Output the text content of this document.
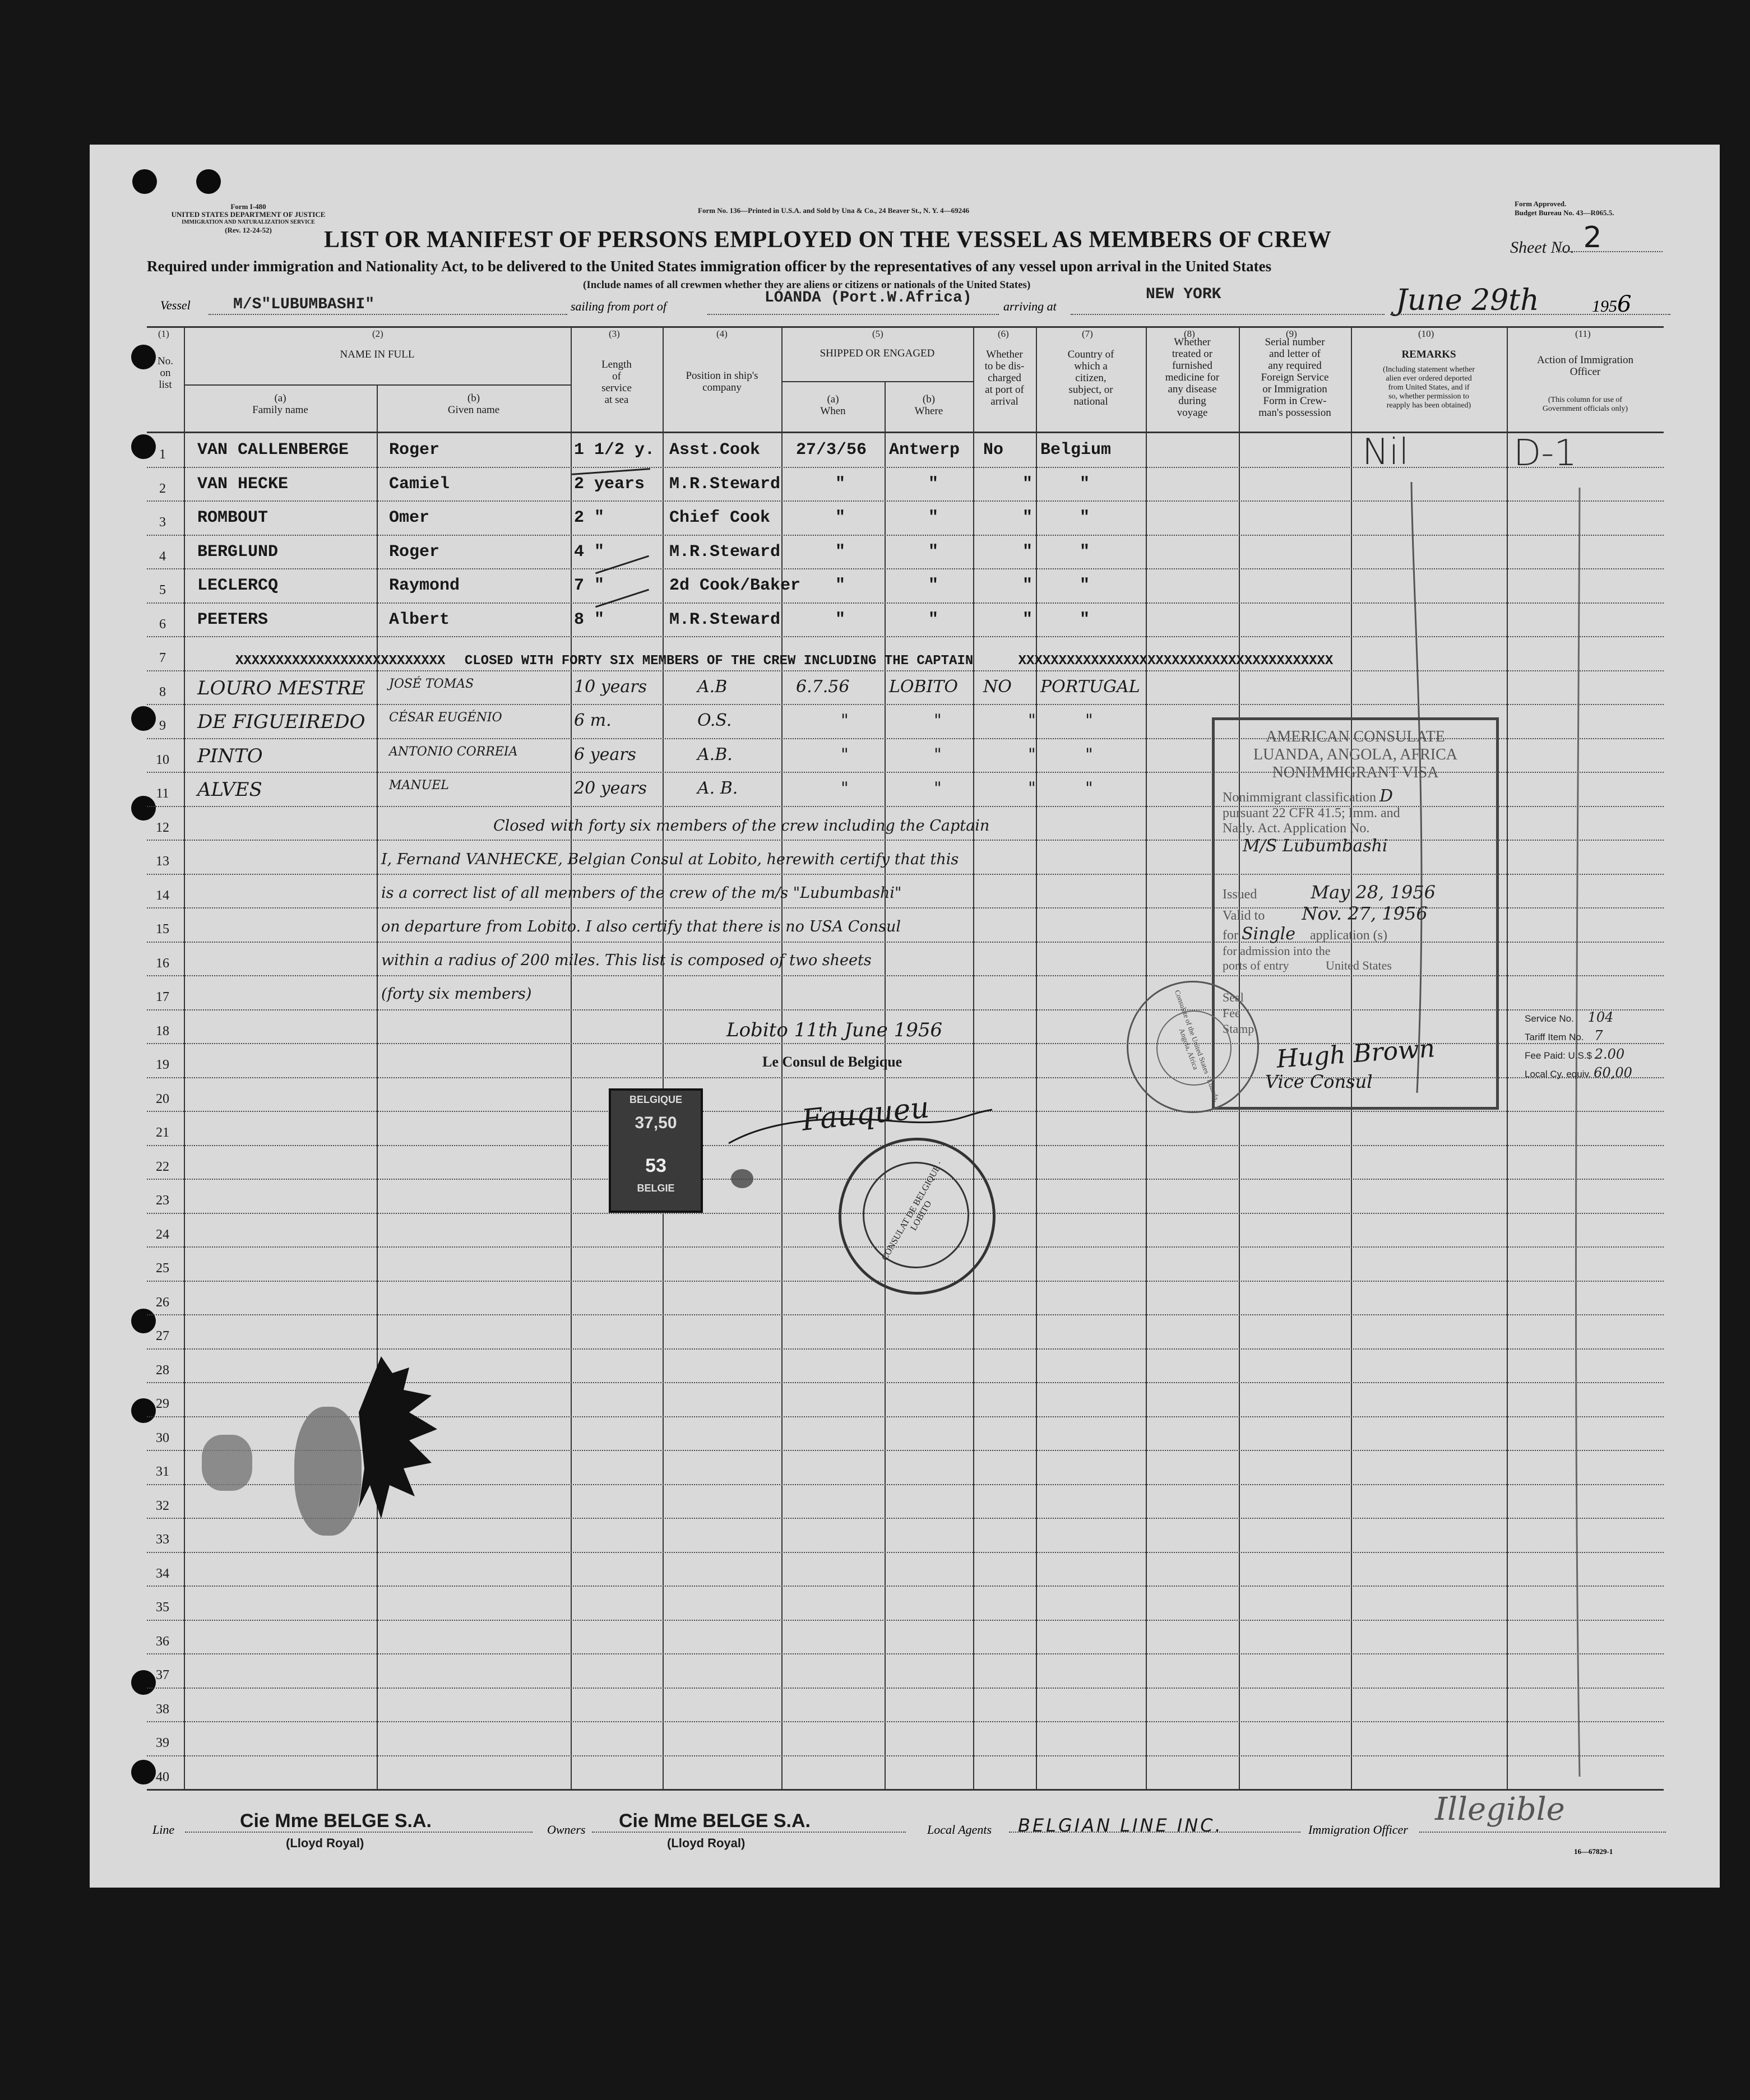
Form I-480
UNITED STATES DEPARTMENT OF JUSTICE
IMMIGRATION AND NATURALIZATION SERVICE
(Rev. 12-24-52)
Form No. 136—Printed in U.S.A. and Sold by Una & Co., 24 Beaver St., N. Y. 4—69246
Form Approved.
Budget Bureau No. 43—R065.5.
LIST OR MANIFEST OF PERSONS EMPLOYED ON THE VESSEL AS MEMBERS OF CREW	Sheet No. 2
Required under immigration and Nationality Act, to be delivered to the United States immigration officer by the representatives of any vessel upon arrival in the United States
(Include names of all crewmen whether they are aliens or citizens or nationals of the United States)
Vessel	M/S"LUBUMBASHI"	sailing from port of	LOANDA (Port.W.Africa)	arriving at
NEW YORK	June 29th	1956
(1)	(2)	(3)	(4)	(5)	(6)	(7)	(8)	(9)	(10)	(11)
No.
on
list
NAME IN FULL
(a)
Family name
(b)
Given name
Length
of
service
at sea
Position in ship's
company
SHIPPED OR ENGAGED
(a)
When
(b)
Where
Whether
to be dis-
charged
at port of
arrival
Country of
which a
citizen,
subject, or
national
Whether
treated or
furnished
medicine for
any disease
during
voyage
Serial number
and letter of
any required
Foreign Service
or Immigration
Form in Crew-
man's possession
REMARKS
(Including statement whether
alien ever ordered deported
from United States, and if
so, whether permission to
reapply has been obtained)
Action of Immigration
Officer
(This column for use of
Government officials only)
1
2
3
4
5
6
7
8
9
10
11
12
13
14
15
16
17
18
19
20
21
22
23
24
25
26
27
28
29
30
31
32
33
34
35
36
37
38
39
40
VAN CALLENBERGE Roger	1 1/2 y. Asst.Cook 27/3/56 Antwerp No Belgium
VAN HECKE	Camiel	2 years M.R.Steward	"	"	"	"
ROMBOUT	Omer	2 "	Chief Cook	"	"	"	"
BERGLUND	Roger	4 "	M.R.Steward	"	"	"	"
LECLERCQ	Raymond	7 "	2d Cook/Baker "	"	"	"
PEETERS	Albert	8 "	M.R.Steward	"	"	"	"
Nil	D-1	88
XXXXXXXXXXXXXXXXXXXXXXXXXX CLOSED WITH FORTY SIX MEMBERS OF THE CREW INCLUDING THE CAPTAIN	XXXXXXXXXXXXXXXXXXXXXXXXXXXXXXXXXXXXXXX
LOURO MESTRE JOSÉ TOMAS	10 years	A.B	6.7.56 LOBITO NO PORTUGAL
DE FIGUEIREDO CÉSAR EUGÉNIO	6 m.	O.S.	"	"	"	"
PINTO	ANTONIO CORREIA	6 years	A.B.	"	"	"	"
ALVES	MANUEL	20 years	A. B.	"	"	"	"
Closed with forty six members of the crew including the Captain
I, Fernand VANHECKE, Belgian Consul at Lobito, herewith certify that this
is a correct list of all members of the crew of the m/s "Lubumbashi"
on departure from Lobito. I also certify that there is no USA Consul
within a radius of 200 miles. This list is composed of two sheets
(forty six members)
Lobito 11th June 1956
Le Consul de Belgique
Fauqueu
BELGIQUE
37,50
53
BELGIE	CONSULAT DE BELGIQUE · LOBITO
AMERICAN CONSULATE
LUANDA, ANGOLA, AFRICA
NONIMMIGRANT VISA
Nonimmigrant classification D
pursuant 22 CFR 41.5; Imm. and
Natly. Act. Application No.
M/S Lubumbashi
Issued	May 28, 1956
Valid to Nov. 27, 1956
for Single application (s)
for admission into the
ports of entry	United States
Seal
Fee
Stamp
Hugh Brown
Vice Consul
Consulate of the United States · Luanda, Angola, Africa
Service No. 104
Tariff Item No. 7
Fee Paid: U.S.$ 2.00
Local Cy. equiv. 60,00
Line	Cie Mme BELGE S.A.
(Lloyd Royal)
Owners Cie Mme BELGE S.A.
(Lloyd Royal)
Local Agents BELGIAN LINE INC.	Immigration Officer
Illegible
16—67829-1
